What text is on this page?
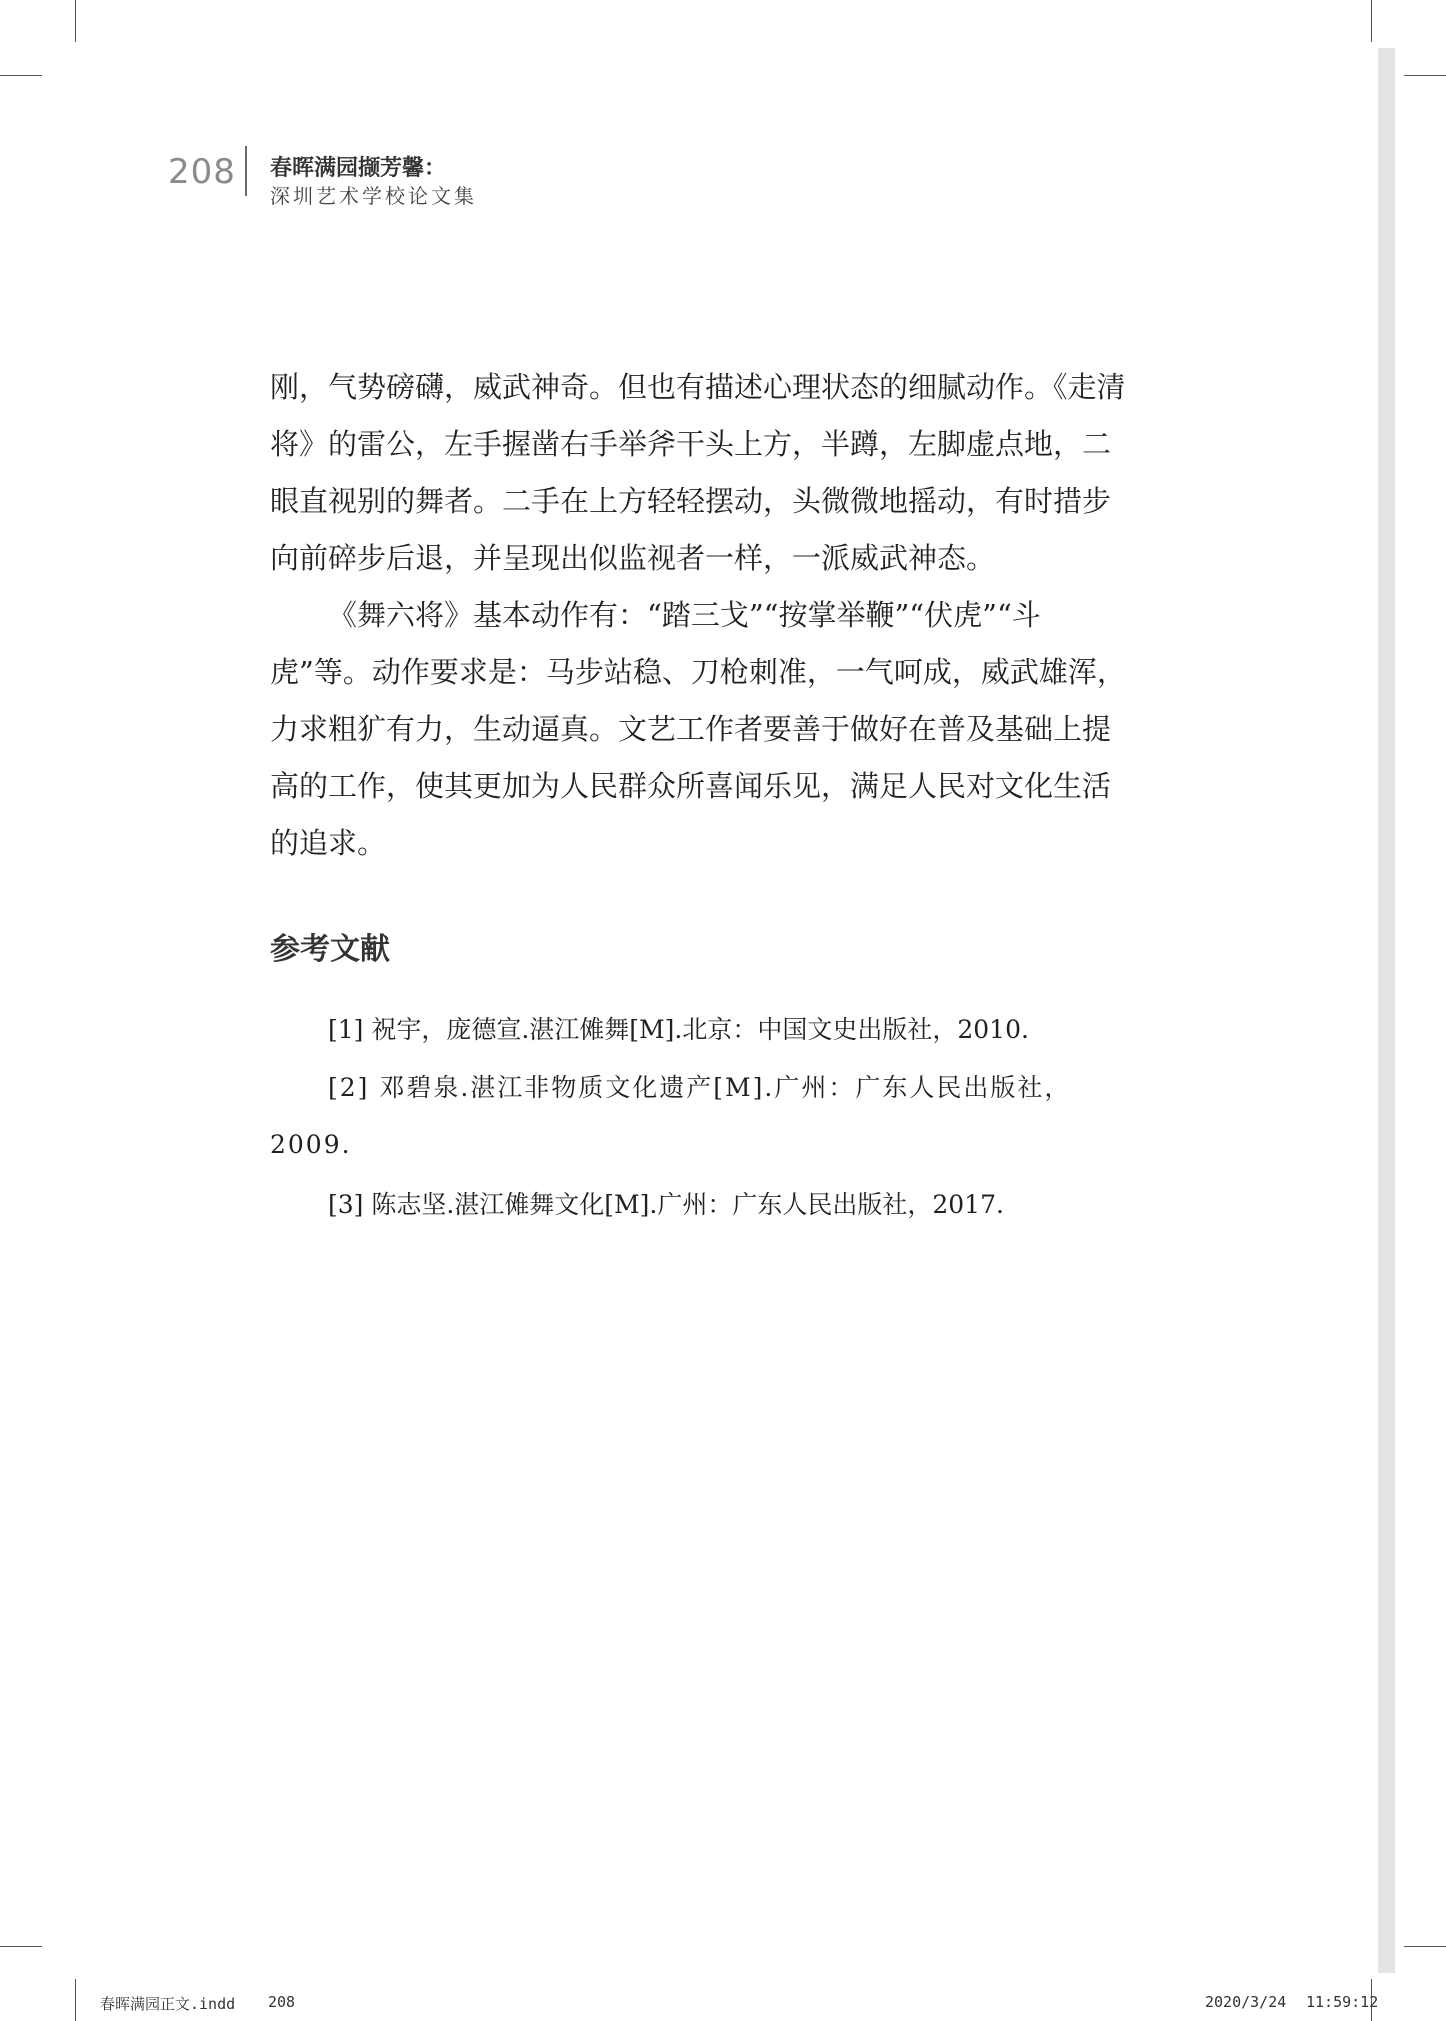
208 春晖满园撷芳馨：
深圳艺术学校论文集
刚，气势磅礴，威武神奇。但也有描述心理状态的细腻动作。《走清将》的雷公，左手握凿右手举斧干头上方，半蹲，左脚虚点地，二眼直视别的舞者。二手在上方轻轻摆动，头微微地摇动，有时措步向前碎步后退，并呈现出似监视者一样，一派威武神态。
《舞六将》基本动作有：“踏三戈”“按掌举鞭”“伏虎”“斗虎”等。动作要求是：马步站稳、刀枪刺准，一气呵成，威武雄浑，力求粗犷有力，生动逼真。文艺工作者要善于做好在普及基础上提高的工作，使其更加为人民群众所喜闻乐见，满足人民对文化生活的追求。
参考文献
[1] 祝宇，庞德宣.湛江傩舞[M].北京：中国文史出版社，2010.
[2] 邓碧泉.湛江非物质文化遗产[M].广州：广东人民出版社，2009.
[3] 陈志坚.湛江傩舞文化[M].广州：广东人民出版社，2017.
春晖满园正文.indd 208	2020/3/24 11:59:12
